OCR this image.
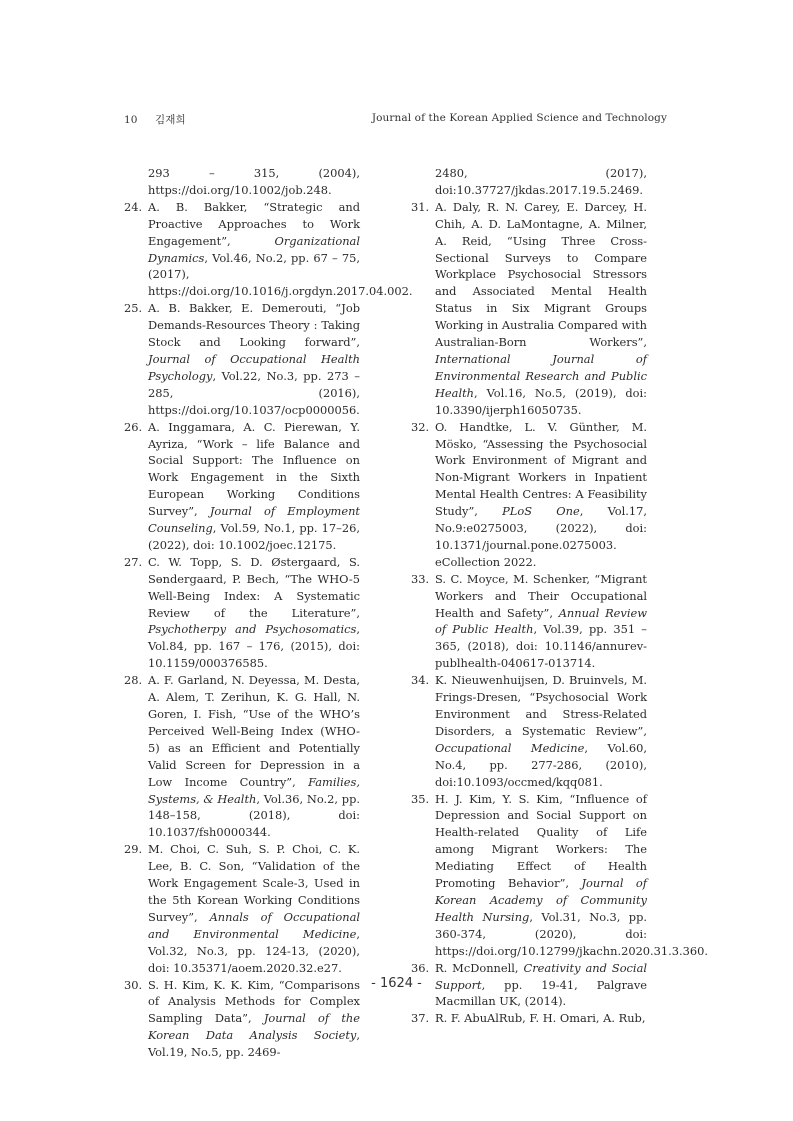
10 김재희	Journal of the Korean Applied Science and Technology
293 – 315, (2004), https://doi.org/10.1002/job.248.
24. A. B. Bakker, “Strategic and Proactive Approaches to Work Engagement”, Organizational Dynamics, Vol.46, No.2, pp. 67 – 75, (2017), https://doi.org/10.1016/j.orgdyn.2017.04.002.
25. A. B. Bakker, E. Demerouti, “Job Demands-Resources Theory : Taking Stock and Looking forward”, Journal of Occupational Health Psychology, Vol.22, No.3, pp. 273 – 285, (2016), https://doi.org/10.1037/ocp0000056.
26. A. Inggamara, A. C. Pierewan, Y. Ayriza, “Work – life Balance and Social Support: The Influence on Work Engagement in the Sixth European Working Conditions Survey”, Journal of Employment Counseling, Vol.59, No.1, pp. 17–26, (2022), doi: 10.1002/joec.12175.
27. C. W. Topp, S. D. Østergaard, S. Sөndergaard, P. Bech, “The WHO-5 Well-Being Index: A Systematic Review of the Literature”, Psychotherpy and Psychosomatics, Vol.84, pp. 167 – 176, (2015), doi: 10.1159/000376585.
28. A. F. Garland, N. Deyessa, M. Desta, A. Alem, T. Zerihun, K. G. Hall, N. Goren, I. Fish, “Use of the WHO’s Perceived Well-Being Index (WHO-5) as an Efficient and Potentially Valid Screen for Depression in a Low Income Country”, Families, Systems, & Health, Vol.36, No.2, pp. 148–158, (2018), doi: 10.1037/fsh0000344.
29. M. Choi, C. Suh, S. P. Choi, C. K. Lee, B. C. Son, “Validation of the Work Engagement Scale-3, Used in the 5th Korean Working Conditions Survey”, Annals of Occupational and Environmental Medicine, Vol.32, No.3, pp. 124-13, (2020), doi: 10.35371/aoem.2020.32.e27.
30. S. H. Kim, K. K. Kim, “Comparisons of Analysis Methods for Complex Sampling Data”, Journal of the Korean Data Analysis Society, Vol.19, No.5, pp. 2469-
2480, (2017), doi:10.37727/jkdas.2017.19.5.2469.
31. A. Daly, R. N. Carey, E. Darcey, H. Chih, A. D. LaMontagne, A. Milner, A. Reid, “Using Three Cross-Sectional Surveys to Compare Workplace Psychosocial Stressors and Associated Mental Health Status in Six Migrant Groups Working in Australia Compared with Australian-Born Workers”, International Journal of Environmental Research and Public Health, Vol.16, No.5, (2019), doi: 10.3390/ijerph16050735.
32. O. Handtke, L. V. Günther, M. Mösko, “Assessing the Psychosocial Work Environment of Migrant and Non-Migrant Workers in Inpatient Mental Health Centres: A Feasibility Study”, PLoS One, Vol.17, No.9:e0275003, (2022), doi: 10.1371/journal.pone.0275003. eCollection 2022.
33. S. C. Moyce, M. Schenker, “Migrant Workers and Their Occupational Health and Safety”, Annual Review of Public Health, Vol.39, pp. 351 – 365, (2018), doi: 10.1146/annurev-publhealth-040617-013714.
34. K. Nieuwenhuijsen, D. Bruinvels, M. Frings-Dresen, “Psychosocial Work Environment and Stress-Related Disorders, a Systematic Review”, Occupational Medicine, Vol.60, No.4, pp. 277-286, (2010), doi:10.1093/occmed/kqq081.
35. H. J. Kim, Y. S. Kim, “Influence of Depression and Social Support on Health-related Quality of Life among Migrant Workers: The Mediating Effect of Health Promoting Behavior”, Journal of Korean Academy of Community Health Nursing, Vol.31, No.3, pp. 360-374, (2020), doi: https://doi.org/10.12799/jkachn.2020.31.3.360.
36. R. McDonnell, Creativity and Social Support, pp. 19-41, Palgrave Macmillan UK, (2014).
37. R. F. AbuAlRub, F. H. Omari, A. Rub,
- 1624 -
